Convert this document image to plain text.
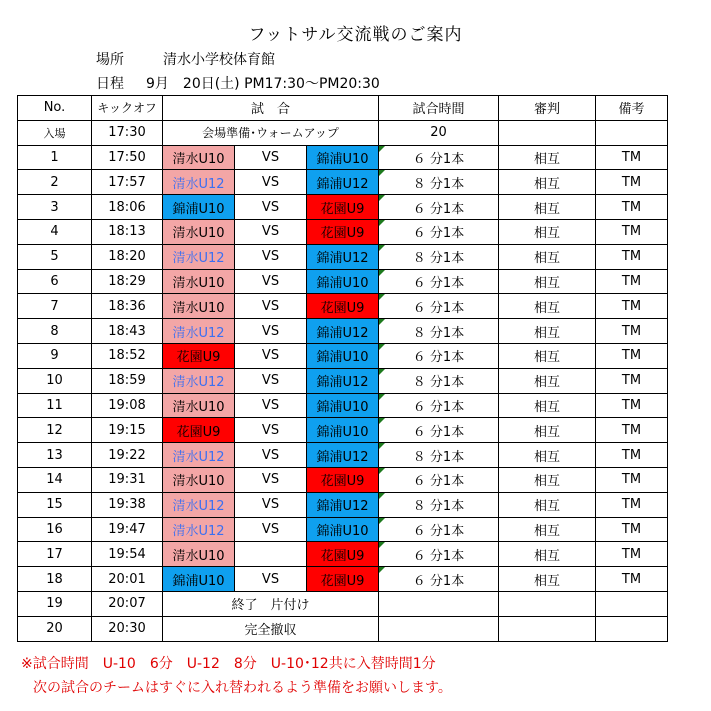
フットサル交流戦のご案内
場所	清水小学校体育館
日程 9月　20日(土) PM17:30～PM20:30
No.	キックオフ	試　合			試合時間	審判	備考
入場	17:30	会場準備･ウォームアップ			20		
1	17:50	清水U10	VS	錦浦U10	６ 分1本	相互	TM
2	17:57	清水U12	VS	錦浦U12	８ 分1本	相互	TM
3	18:06	錦浦U10	VS	花園U9	６ 分1本	相互	TM
4	18:13	清水U10	VS	花園U9	６ 分1本	相互	TM
5	18:20	清水U12	VS	錦浦U12	８ 分1本	相互	TM
6	18:29	清水U10	VS	錦浦U10	６ 分1本	相互	TM
7	18:36	清水U10	VS	花園U9	６ 分1本	相互	TM
8	18:43	清水U12	VS	錦浦U12	８ 分1本	相互	TM
9	18:52	花園U9	VS	錦浦U10	６ 分1本	相互	TM
10	18:59	清水U12	VS	錦浦U12	８ 分1本	相互	TM
11	19:08	清水U10	VS	錦浦U10	６ 分1本	相互	TM
12	19:15	花園U9	VS	錦浦U10	６ 分1本	相互	TM
13	19:22	清水U12	VS	錦浦U12	８ 分1本	相互	TM
14	19:31	清水U10	VS	花園U9	６ 分1本	相互	TM
15	19:38	清水U12	VS	錦浦U12	８ 分1本	相互	TM
16	19:47	清水U12	VS	錦浦U10	６ 分1本	相互	TM
17	19:54	清水U10		花園U9	６ 分1本	相互	TM
18	20:01	錦浦U10	VS	花園U9	６ 分1本	相互	TM
19	20:07	終了　片付け					
20	20:30	完全撤収					
※試合時間　U-10　6分　U-12　8分　U-10･12共に入替時間1分
次の試合のチームはすぐに入れ替われるよう準備をお願いします。
